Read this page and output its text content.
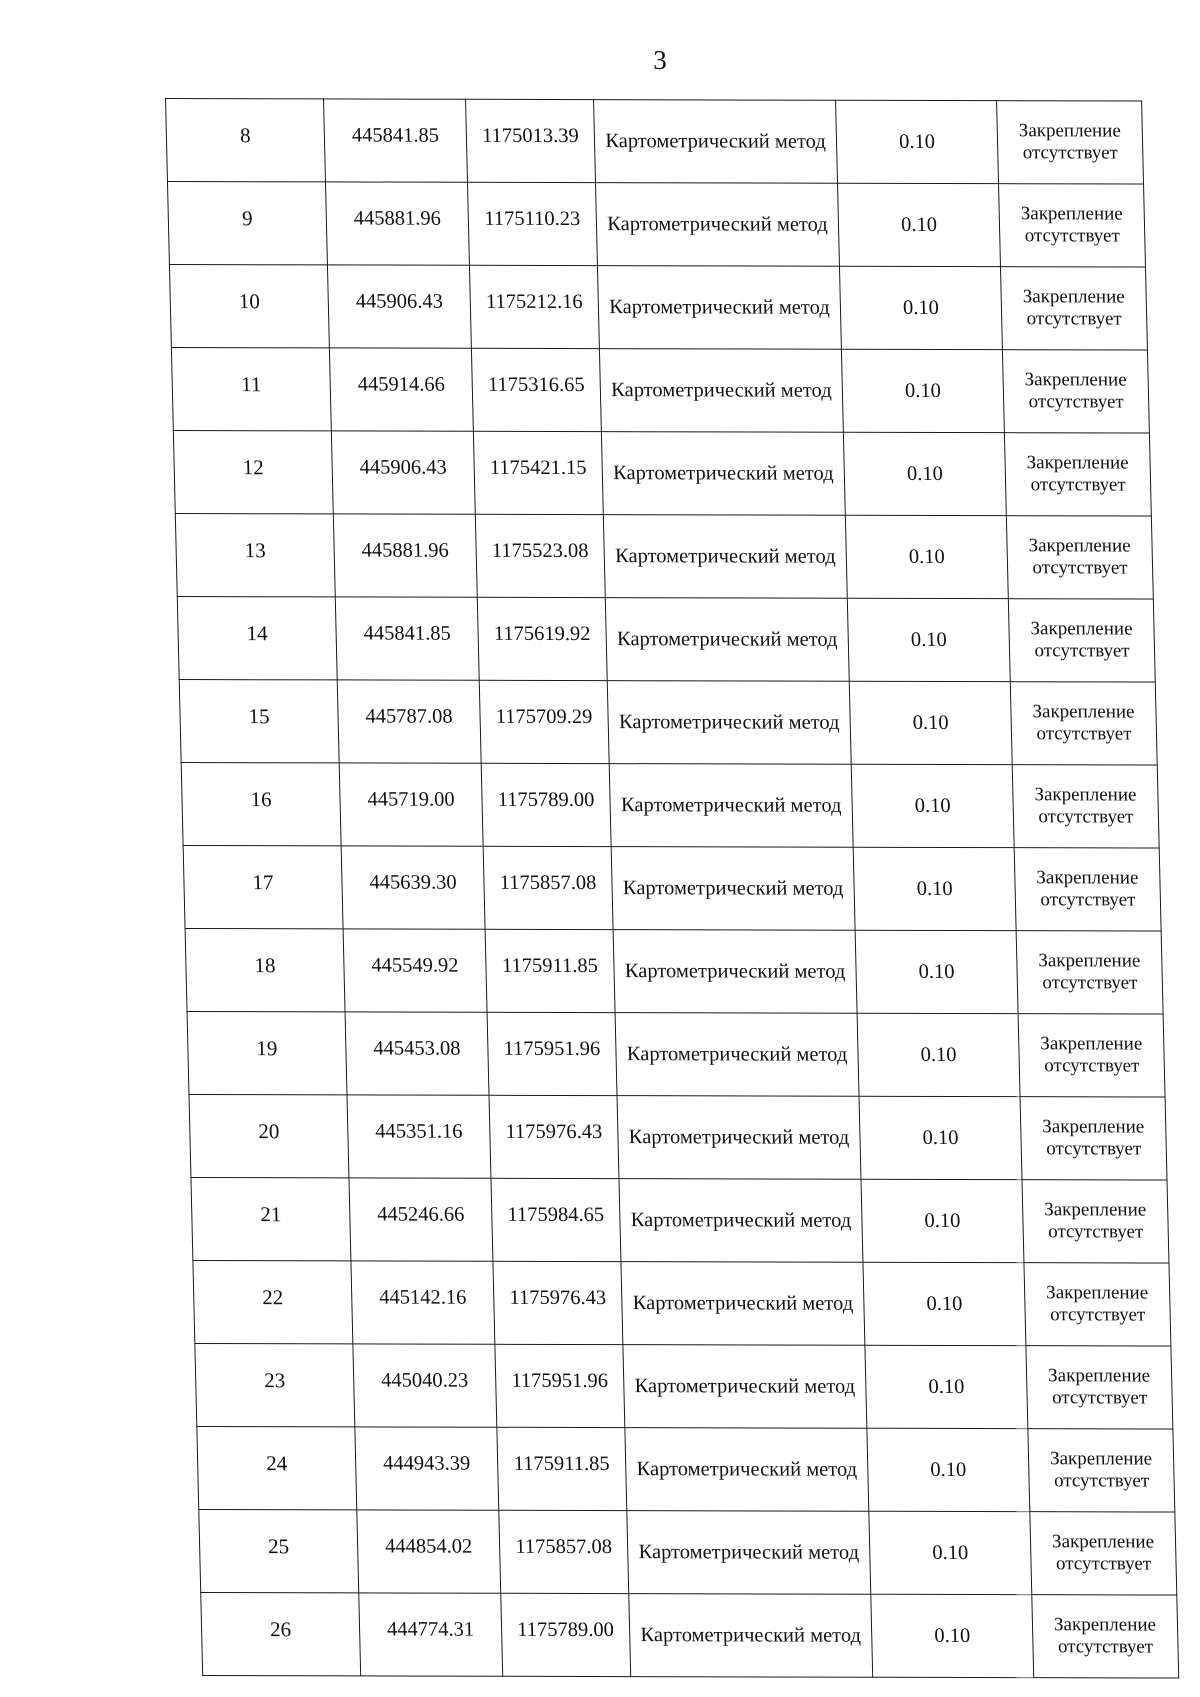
3
8	445841.85	1175013.39	Картометрический метод	0.10	Закрепление отсутствует
9	445881.96	1175110.23	Картометрический метод	0.10	Закрепление отсутствует
10	445906.43	1175212.16	Картометрический метод	0.10	Закрепление отсутствует
11	445914.66	1175316.65	Картометрический метод	0.10	Закрепление отсутствует
12	445906.43	1175421.15	Картометрический метод	0.10	Закрепление отсутствует
13	445881.96	1175523.08	Картометрический метод	0.10	Закрепление отсутствует
14	445841.85	1175619.92	Картометрический метод	0.10	Закрепление отсутствует
15	445787.08	1175709.29	Картометрический метод	0.10	Закрепление отсутствует
16	445719.00	1175789.00	Картометрический метод	0.10	Закрепление отсутствует
17	445639.30	1175857.08	Картометрический метод	0.10	Закрепление отсутствует
18	445549.92	1175911.85	Картометрический метод	0.10	Закрепление отсутствует
19	445453.08	1175951.96	Картометрический метод	0.10	Закрепление отсутствует
20	445351.16	1175976.43	Картометрический метод	0.10	Закрепление отсутствует
21	445246.66	1175984.65	Картометрический метод	0.10	Закрепление отсутствует
22	445142.16	1175976.43	Картометрический метод	0.10	Закрепление отсутствует
23	445040.23	1175951.96	Картометрический метод	0.10	Закрепление отсутствует
24	444943.39	1175911.85	Картометрический метод	0.10	Закрепление отсутствует
25	444854.02	1175857.08	Картометрический метод	0.10	Закрепление отсутствует
26	444774.31	1175789.00	Картометрический метод	0.10	Закрепление отсутствует
